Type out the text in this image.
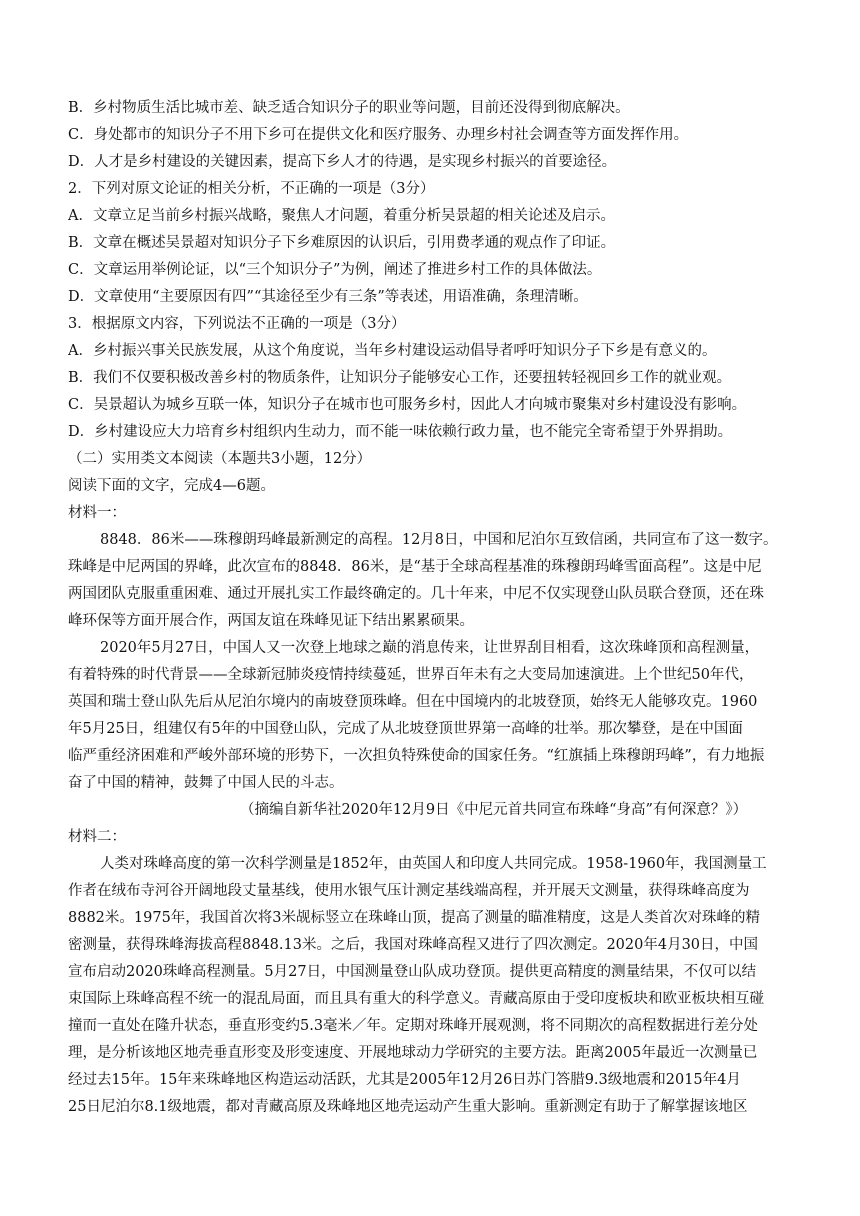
B．乡村物质生活比城市差、缺乏适合知识分子的职业等问题，目前还没得到彻底解决。
C．身处都市的知识分子不用下乡可在提供文化和医疗服务、办理乡村社会调查等方面发挥作用。
D．人才是乡村建设的关键因素，提高下乡人才的待遇，是实现乡村振兴的首要途径。
2．下列对原文论证的相关分析，不正确的一项是（3分）
A．文章立足当前乡村振兴战略，聚焦人才问题，着重分析吴景超的相关论述及启示。
B．文章在概述吴景超对知识分子下乡难原因的认识后，引用费孝通的观点作了印证。
C．文章运用举例论证，以“三个知识分子”为例，阐述了推进乡村工作的具体做法。
D．文章使用“主要原因有四”“其途径至少有三条”等表述，用语准确，条理清晰。
3．根据原文内容，下列说法不正确的一项是（3分）
A．乡村振兴事关民族发展，从这个角度说，当年乡村建设运动倡导者呼吁知识分子下乡是有意义的。
B．我们不仅要积极改善乡村的物质条件，让知识分子能够安心工作，还要扭转轻视回乡工作的就业观。
C．吴景超认为城乡互联一体，知识分子在城市也可服务乡村，因此人才向城市聚集对乡村建设没有影响。
D．乡村建设应大力培育乡村组织内生动力，而不能一味依赖行政力量，也不能完全寄希望于外界捐助。
（二）实用类文本阅读（本题共3小题，12分）
阅读下面的文字，完成4—6题。
材料一：
8848．86米——珠穆朗玛峰最新测定的高程。12月8日，中国和尼泊尔互致信函，共同宣布了这一数字。
珠峰是中尼两国的界峰，此次宣布的8848．86米，是“基于全球高程基准的珠穆朗玛峰雪面高程”。这是中尼
两国团队克服重重困难、通过开展扎实工作最终确定的。几十年来，中尼不仅实现登山队员联合登顶，还在珠
峰环保等方面开展合作，两国友谊在珠峰见证下结出累累硕果。
2020年5月27日，中国人又一次登上地球之巅的消息传来，让世界刮目相看，这次珠峰顶和高程测量，
有着特殊的时代背景——全球新冠肺炎疫情持续蔓延，世界百年未有之大变局加速演进。上个世纪50年代，
英国和瑞士登山队先后从尼泊尔境内的南坡登顶珠峰。但在中国境内的北坡登顶，始终无人能够攻克。1960
年5月25日，组建仅有5年的中国登山队，完成了从北坡登顶世界第一高峰的壮举。那次攀登，是在中国面
临严重经济困难和严峻外部环境的形势下，一次担负特殊使命的国家任务。“红旗插上珠穆朗玛峰”，有力地振
奋了中国的精神，鼓舞了中国人民的斗志。
（摘编自新华社2020年12月9日《中尼元首共同宣布珠峰“身高”有何深意？》）
材料二：
人类对珠峰高度的第一次科学测量是1852年，由英国人和印度人共同完成。1958-1960年，我国测量工
作者在绒布寺河谷开阔地段丈量基线，使用水银气压计测定基线端高程，并开展天文测量，获得珠峰高度为
8882米。1975年，我国首次将3米觇标竖立在珠峰山顶，提高了测量的瞄准精度，这是人类首次对珠峰的精
密测量，获得珠峰海拔高程8848.13米。之后，我国对珠峰高程又进行了四次测定。2020年4月30日，中国
宣布启动2020珠峰高程测量。5月27日，中国测量登山队成功登顶。提供更高精度的测量结果，不仅可以结
束国际上珠峰高程不统一的混乱局面，而且具有重大的科学意义。青藏高原由于受印度板块和欧亚板块相互碰
撞而一直处在隆升状态，垂直形变约5.3毫米／年。定期对珠峰开展观测，将不同期次的高程数据进行差分处
理，是分析该地区地壳垂直形变及形变速度、开展地球动力学研究的主要方法。距离2005年最近一次测量已
经过去15年。15年来珠峰地区构造运动活跃，尤其是2005年12月26日苏门答腊9.3级地震和2015年4月
25日尼泊尔8.1级地震，都对青藏高原及珠峰地区地壳运动产生重大影响。重新测定有助于了解掌握该地区
